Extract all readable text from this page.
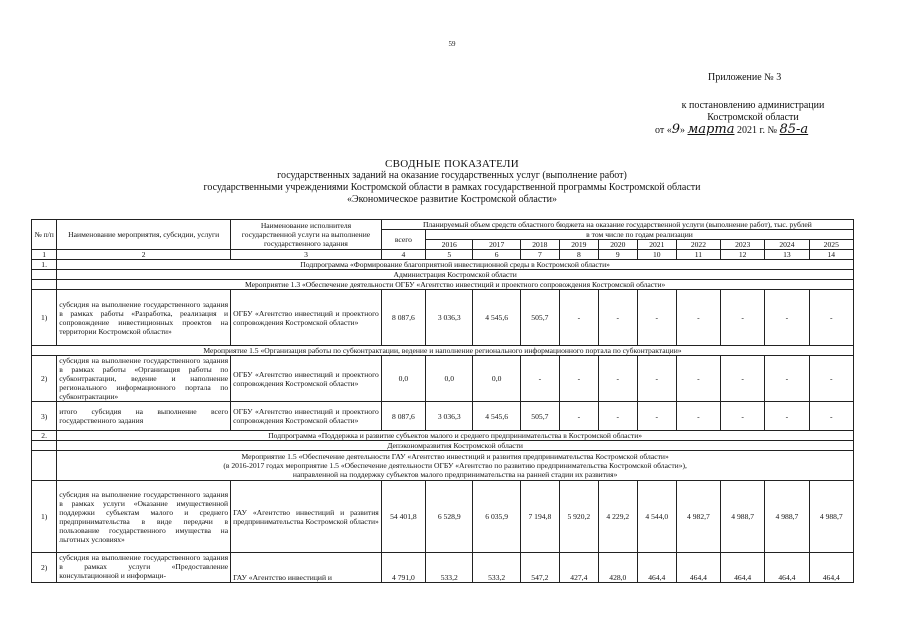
59
Приложение № 3
к постановлению администрации
Костромской области
от «9» марта 2021 г. № 85-а
СВОДНЫЕ ПОКАЗАТЕЛИ
государственных заданий на оказание государственных услуг (выполнение работ)
государственными учреждениями Костромской области в рамках государственной программы Костромской области
«Экономическое развитие Костромской области»
№ п/п	Наименование мероприятия, субсидии, услуги	Наименование исполнителя государственной услуги на выполнение государственного задания	Планируемый объем средств областного бюджета на оказание государственной услуги (выполнение работ), тыс. рублей										
			всего	в том числе по годам реализации									
				2016	2017	2018	2019	2020	2021	2022	2023	2024	2025
1	2	3	4	5	6	7	8	9	10	11	12	13	14
1.	Подпрограмма «Формирование благоприятной инвестиционной среды в Костромской области»												
	Администрация Костромской области												
	Мероприятие 1.3 «Обеспечение деятельности ОГБУ «Агентство инвестиций и проектного сопровождения Костромской области»												
1)	субсидия на выполнение государственного задания в рамках работы «Разработка, реализация и сопровождение инвестиционных проектов на территории Костромской области»	ОГБУ «Агентство инвестиций и проектного сопровождения Костромской области»	8 087,6	3 036,3	4 545,6	505,7	-	-	-	-	-	-	-
Мероприятие 1.5 «Организация работы по субконтрактации, ведение и наполнение регионального информационного портала по субконтрактации»													
2)	субсидия на выполнение государственного задания в рамках работы «Организация работы по субконтрактации, ведение и наполнение регионального информационного портала по субконтрактации»	ОГБУ «Агентство инвестиций и проектного сопровождения Костромской области»	0,0	0,0	0,0	-	-	-	-	-	-	-	-
3)	итого субсидия на выполнение всего государственного задания	ОГБУ «Агентство инвестиций и проектного сопровождения Костромской области»	8 087,6	3 036,3	4 545,6	505,7	-	-	-	-	-	-	-
2.	Подпрограмма «Поддержка и развитие субъектов малого и среднего предпринимательства в Костромской области»												
	Депэкономразвития Костромской области												

	Мероприятие 1.5 «Обеспечение деятельности ГАУ «Агентство инвестиций и развития предпринимательства Костромской области»
(в 2016-2017 годах мероприятие 1.5 «Обеспечение деятельности ОГБУ «Агентство по развитию предпринимательства Костромской области»),
направленной на поддержку субъектов малого предпринимательства на ранней стадии их развития»												

1)	субсидия на выполнение государственного задания в рамках услуги «Оказание имущественной поддержки субъектам малого и среднего предпринимательства в виде передачи в пользование государственного имущества на льготных условиях»	ГАУ «Агентство инвестиций и развития предпринимательства Костромской области»	54 401,8	6 528,9	6 035,9	7 194,8	5 920,2	4 229,2	4 544,0	4 982,7	4 988,7	4 988,7	4 988,7
2)	субсидия на выполнение государственного задания в рамках услуги «Предоставление консультационной и информаци-	ГАУ «Агентство инвестиций и	4 791,0	533,2	533,2	547,2	427,4	428,0	464,4	464,4	464,4	464,4	464,4
